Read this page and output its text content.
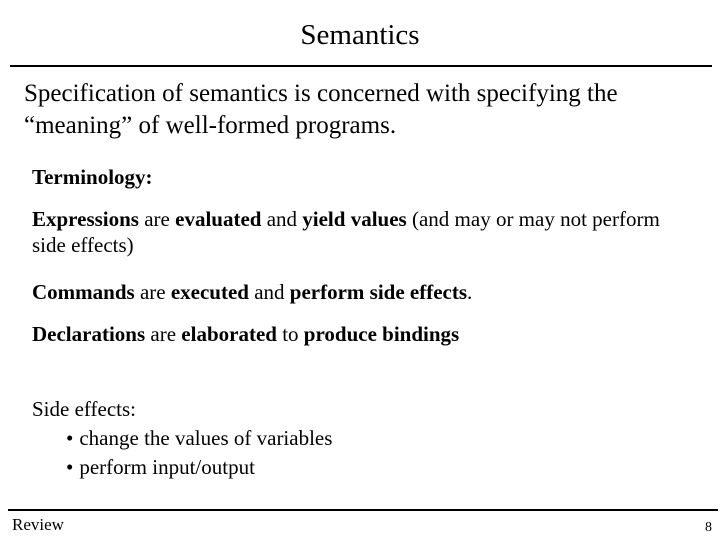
Semantics
Specification of semantics is concerned with specifying the “meaning” of well-formed programs.
Terminology:
Expressions are evaluated and yield values (and may or may not perform side effects)
Commands are executed and perform side effects.
Declarations are elaborated to produce bindings
Side effects:
• change the values of variables
• perform input/output
Review	8
